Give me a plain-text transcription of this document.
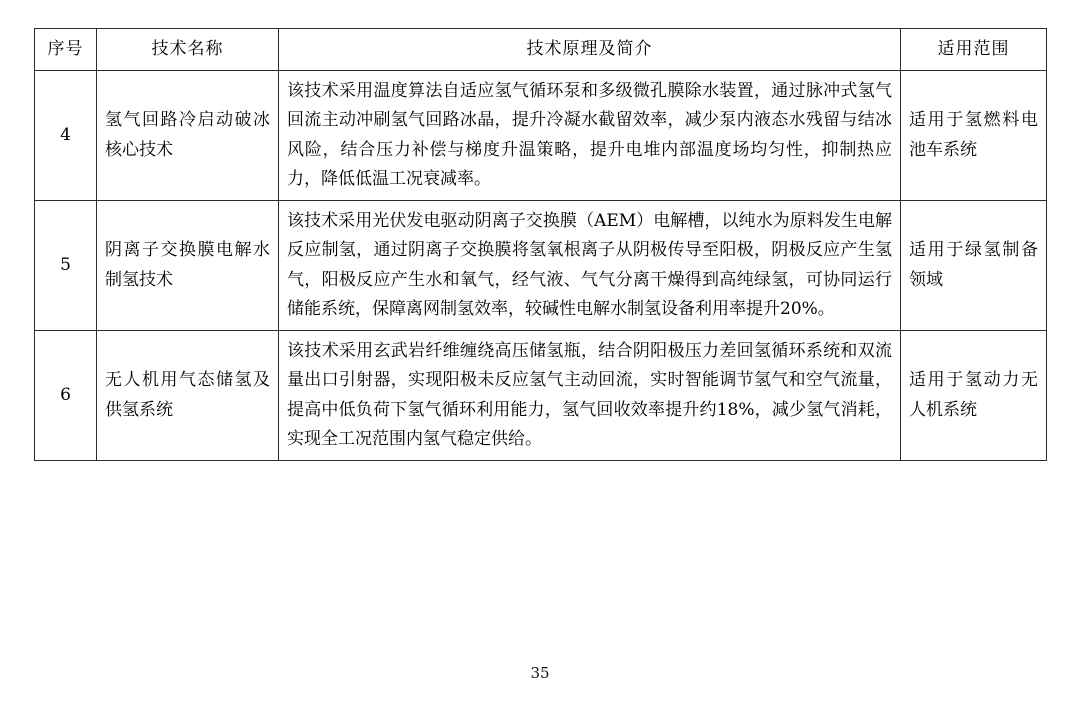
序号	技术名称	技术原理及简介	适用范围
4	氢气回路冷启动破冰核心技术	该技术采用温度算法自适应氢气循环泵和多级微孔膜除水装置，通过脉冲式氢气回流主动冲刷氢气回路冰晶，提升冷凝水截留效率，减少泵内液态水残留与结冰风险，结合压力补偿与梯度升温策略，提升电堆内部温度场均匀性，抑制热应力，降低低温工况衰减率。	适用于氢燃料电池车系统
5	阴离子交换膜电解水制氢技术	该技术采用光伏发电驱动阴离子交换膜（AEM）电解槽，以纯水为原料发生电解反应制氢，通过阴离子交换膜将氢氧根离子从阴极传导至阳极，阴极反应产生氢气，阳极反应产生水和氧气，经气液、气气分离干燥得到高纯绿氢，可协同运行储能系统，保障离网制氢效率，较碱性电解水制氢设备利用率提升20%。	适用于绿氢制备领域
6	无人机用气态储氢及供氢系统	该技术采用玄武岩纤维缠绕高压储氢瓶，结合阴阳极压力差回氢循环系统和双流量出口引射器，实现阳极未反应氢气主动回流，实时智能调节氢气和空气流量，提高中低负荷下氢气循环利用能力，氢气回收效率提升约18%，减少氢气消耗，实现全工况范围内氢气稳定供给。	适用于氢动力无人机系统
35
